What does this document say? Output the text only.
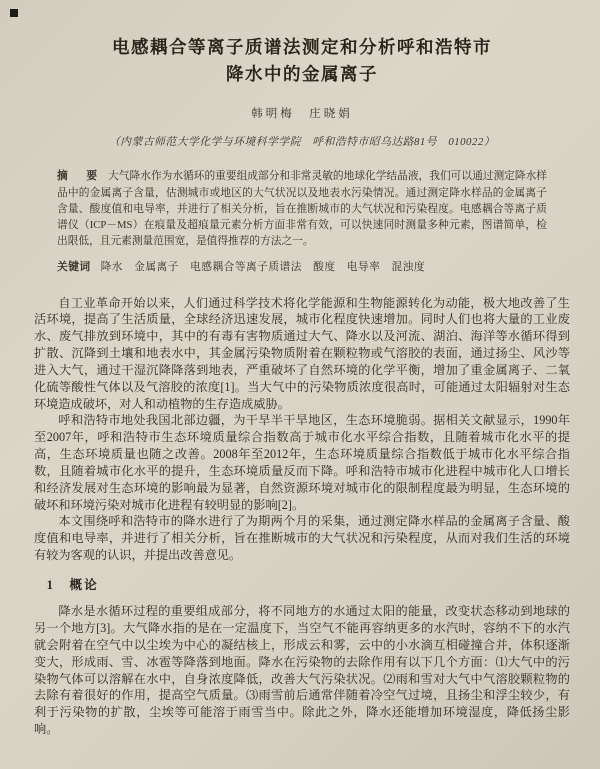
电感耦合等离子质谱法测定和分析呼和浩特市
降水中的金属离子
韩明梅　庄晓娟
（内蒙古师范大学化学与环境科学学院　呼和浩特市昭乌达路81号　010022）
摘　要 大气降水作为水循环的重要组成部分和非常灵敏的地球化学结晶液，我们可以通过测定降水样品中的金属离子含量，估测城市或地区的大气状况以及地表水污染情况。通过测定降水样品的金属离子含量、酸度值和电导率，并进行了相关分析，旨在推断城市的大气状况和污染程度。电感耦合等离子质谱仪（ICP－MS）在痕量及超痕量元素分析方面非常有效，可以快速同时测量多种元素，图谱简单，检出限低，且元素测量范围宽，是值得推荐的方法之一。
关键词 降水　金属离子　电感耦合等离子质谱法　酸度　电导率　混浊度

自工业革命开始以来，人们通过科学技术将化学能源和生物能源转化为动能，极大地改善了生活环境，提高了生活质量，全球经济迅速发展，城市化程度快速增加。同时人们也将大量的工业废水、废气排放到环境中，其中的有毒有害物质通过大气、降水以及河流、湖泊、海洋等水循环得到扩散、沉降到土壤和地表水中，其金属污染物质附着在颗粒物或气溶胶的表面，通过扬尘、风沙等进入大气，通过干湿沉降降落到地表，严重破坏了自然环境的化学平衡，增加了重金属离子、二氧化硫等酸性气体以及气溶胶的浓度[1]。当大气中的污染物质浓度很高时，可能通过太阳辐射对生态环境造成破坏，对人和动植物的生存造成威胁。

呼和浩特市地处我国北部边疆，为干旱半干旱地区，生态环境脆弱。据相关文献显示，1990年至2007年，呼和浩特市生态环境质量综合指数高于城市化水平综合指数，且随着城市化水平的提高，生态环境质量也随之改善。2008年至2012年，生态环境质量综合指数低于城市化水平综合指数，且随着城市化水平的提升，生态环境质量反而下降。呼和浩特市城市化进程中城市化人口增长和经济发展对生态环境的影响最为显著，自然资源环境对城市化的限制程度最为明显，生态环境的破坏和环境污染对城市化进程有较明显的影响[2]。

本文围绕呼和浩特市的降水进行了为期两个月的采集，通过测定降水样品的金属离子含量、酸度值和电导率，并进行了相关分析，旨在推断城市的大气状况和污染程度，从而对我们生活的环境有较为客观的认识，并提出改善意见。

1　概论

降水是水循环过程的重要组成部分，将不同地方的水通过太阳的能量，改变状态移动到地球的另一个地方[3]。大气降水指的是在一定温度下，当空气不能再容纳更多的水汽时，容纳不下的水汽就会附着在空气中以尘埃为中心的凝结核上，形成云和雾，云中的小水滴互相碰撞合并，体积逐渐变大，形成雨、雪、冰雹等降落到地面。降水在污染物的去除作用有以下几个方面：⑴大气中的污染物气体可以溶解在水中，自身浓度降低，改善大气污染状况。⑵雨和雪对大气中气溶胶颗粒物的去除有着很好的作用，提高空气质量。⑶雨雪前后通常伴随着冷空气过境，且扬尘和浮尘较少，有利于污染物的扩散，尘埃等可能溶于雨雪当中。除此之外，降水还能增加环境湿度，降低扬尘影响。
